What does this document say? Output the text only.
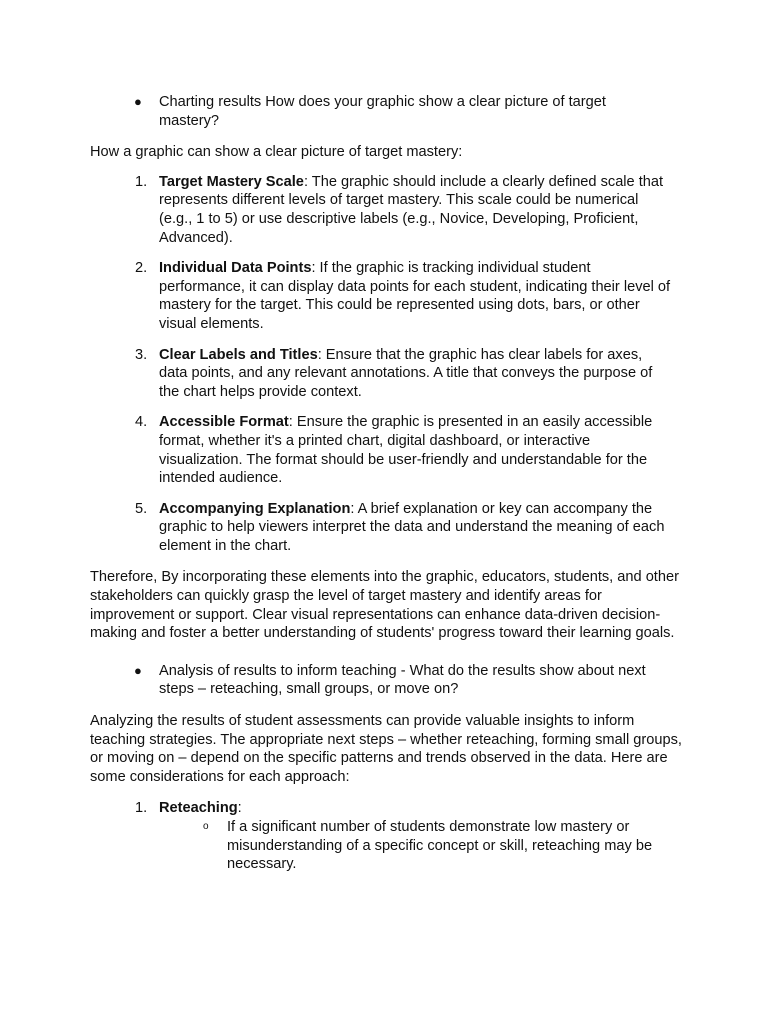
● Charting results How does your graphic show a clear picture of target mastery?

How a graphic can show a clear picture of target mastery:

1. Target Mastery Scale: The graphic should include a clearly defined scale that represents different levels of target mastery. This scale could be numerical (e.g., 1 to 5) or use descriptive labels (e.g., Novice, Developing, Proficient, Advanced).
2. Individual Data Points: If the graphic is tracking individual student performance, it can display data points for each student, indicating their level of mastery for the target. This could be represented using dots, bars, or other visual elements.
3. Clear Labels and Titles: Ensure that the graphic has clear labels for axes, data points, and any relevant annotations. A title that conveys the purpose of the chart helps provide context.
4. Accessible Format: Ensure the graphic is presented in an easily accessible format, whether it's a printed chart, digital dashboard, or interactive visualization. The format should be user-friendly and understandable for the intended audience.
5. Accompanying Explanation: A brief explanation or key can accompany the graphic to help viewers interpret the data and understand the meaning of each element in the chart.

Therefore, By incorporating these elements into the graphic, educators, students, and other stakeholders can quickly grasp the level of target mastery and identify areas for improvement or support. Clear visual representations can enhance data-driven decision-making and foster a better understanding of students' progress toward their learning goals.

● Analysis of results to inform teaching - What do the results show about next steps – reteaching, small groups, or move on?

Analyzing the results of student assessments can provide valuable insights to inform teaching strategies. The appropriate next steps – whether reteaching, forming small groups, or moving on – depend on the specific patterns and trends observed in the data. Here are some considerations for each approach:

1. Reteaching:
o If a significant number of students demonstrate low mastery or misunderstanding of a specific concept or skill, reteaching may be necessary.
